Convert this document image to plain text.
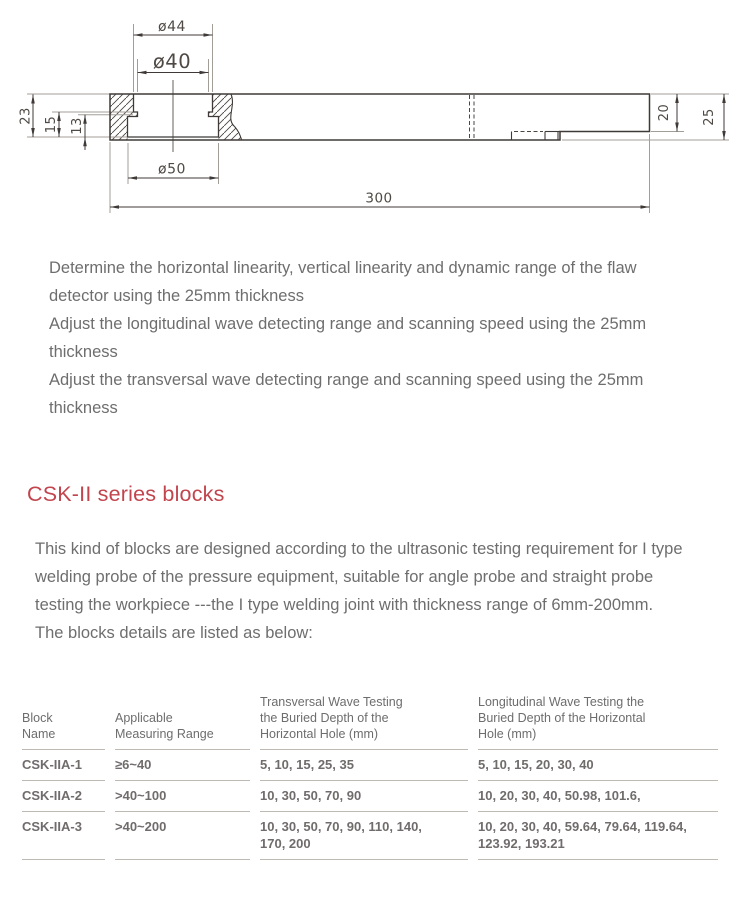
ø44
ø40
ø50
300
23 15 13
20 25

Determine the horizontal linearity, vertical linearity and dynamic range of the flaw detector using the 25mm thickness

Adjust the longitudinal wave detecting range and scanning speed using the 25mm thickness

Adjust the transversal wave detecting range and scanning speed using the 25mm thickness

CSK-II series blocks

This kind of blocks are designed according to the ultrasonic testing requirement for I type welding probe of the pressure equipment, suitable for angle probe and straight probe testing the workpiece ---the I type welding joint with thickness range of 6mm-200mm.

The blocks details are listed as below:

Block Name	Applicable Measuring Range	Transversal Wave Testing the Buried Depth of the Horizontal Hole (mm)	Longitudinal Wave Testing the Buried Depth of the Horizontal Hole (mm)

CSK-IIA-1	≥6~40	5, 10, 15, 25, 35	5, 10, 15, 20, 30, 40

CSK-IIA-2	>40~100	10, 30, 50, 70, 90	10, 20, 30, 40, 50.98, 101.6,

CSK-IIA-3	>40~200	10, 30, 50, 70, 90, 110, 140, 170, 200	10, 20, 30, 40, 59.64, 79.64, 119.64, 123.92, 193.21
